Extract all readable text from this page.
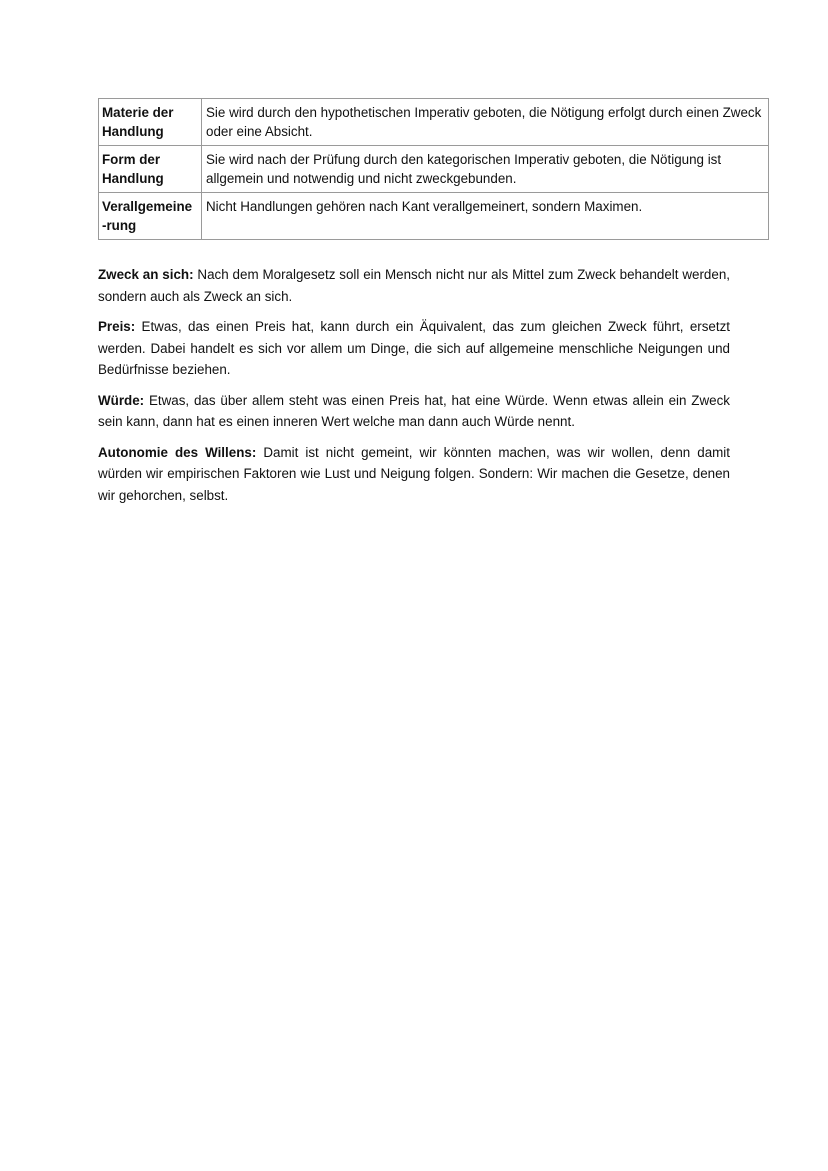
Materie der Handlung	Sie wird durch den hypothetischen Imperativ geboten, die Nötigung erfolgt durch einen Zweck oder eine Absicht.
Form der Handlung	Sie wird nach der Prüfung durch den kategorischen Imperativ geboten, die Nötigung ist allgemein und notwendig und nicht zweckgebunden.
Verallgemeine -rung	Nicht Handlungen gehören nach Kant verallgemeinert, sondern Maximen.

Zweck an sich: Nach dem Moralgesetz soll ein Mensch nicht nur als Mittel zum Zweck behandelt werden, sondern auch als Zweck an sich.

Preis: Etwas, das einen Preis hat, kann durch ein Äquivalent, das zum gleichen Zweck führt, ersetzt werden. Dabei handelt es sich vor allem um Dinge, die sich auf allgemeine menschliche Neigungen und Bedürfnisse beziehen.

Würde: Etwas, das über allem steht was einen Preis hat, hat eine Würde. Wenn etwas allein ein Zweck sein kann, dann hat es einen inneren Wert welche man dann auch Würde nennt.

Autonomie des Willens: Damit ist nicht gemeint, wir könnten machen, was wir wollen, denn damit würden wir empirischen Faktoren wie Lust und Neigung folgen. Sondern: Wir machen die Gesetze, denen wir gehorchen, selbst.
